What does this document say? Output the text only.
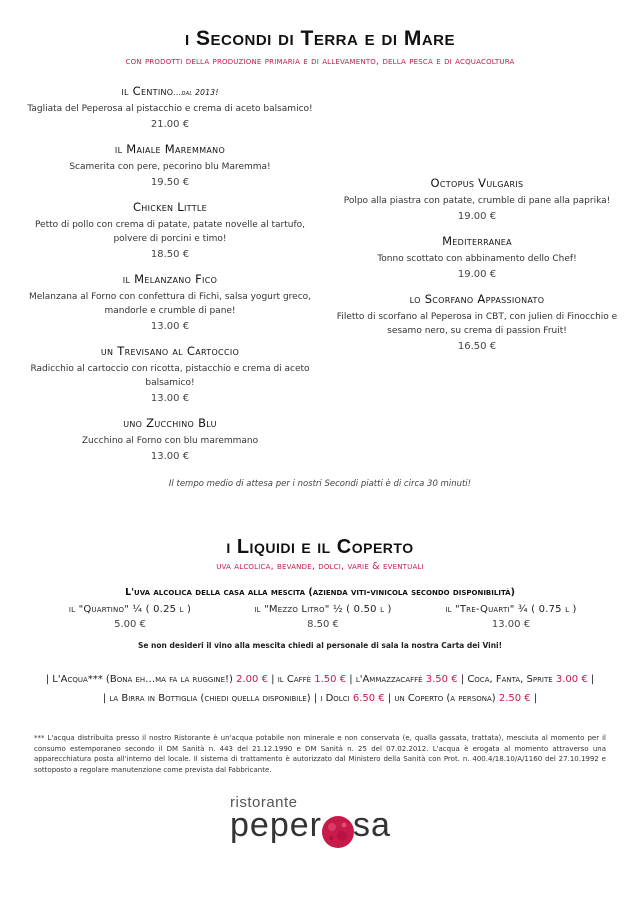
i Secondi di Terra e di Mare
con prodotti della produzione primaria e di allevamento, della pesca e di acquacoltura
il Centino...dal 2013!
Tagliata del Peperosa al pistacchio e crema di aceto balsamico!
21.00 €
il Maiale Maremmano
Scamerita con pere, pecorino blu Maremma!
19.50 €
Chicken Little
Petto di pollo con crema di patate, patate novelle al tartufo, polvere di porcini e timo!
18.50 €
il Melanzano Fico
Melanzana al Forno con confettura di Fichi, salsa yogurt greco, mandorle e crumble di pane!
13.00 €
un Trevisano al Cartoccio
Radicchio al cartoccio con ricotta, pistacchio e crema di aceto balsamico!
13.00 €
uno Zucchino Blu
Zucchino al Forno con blu maremmano
13.00 €
Octopus Vulgaris
Polpo alla piastra con patate, crumble di pane alla paprika!
19.00 €
Mediterranea
Tonno scottato con abbinamento dello Chef!
19.00 €
lo Scorfano Appassionato
Filetto di scorfano al Peperosa in CBT, con julien di Finocchio e sesamo nero, su crema di passion Fruit!
16.50 €
Il tempo medio di attesa per i nostri Secondi piatti è di circa 30 minuti!
i Liquidi e il Coperto
uva alcolica, bevande, dolci, varie & eventuali
L'uva alcolica della casa alla mescita (azienda viti-vinicola secondo disponibilità)
il "Quartino" ¼ ( 0.25 l )
5.00 €
il "Mezzo Litro" ½ ( 0.50 l )
8.50 €
il "Tre-Quarti" ¾ ( 0.75 l )
13.00 €
Se non desideri il vino alla mescita chiedi al personale di sala la nostra Carta dei Vini!
| L'Acqua*** (Bona eh…ma fa la ruggine!) 2.00 € | il Caffè 1.50 € | l'Ammazzacaffè 3.50 € | Coca, Fanta, Sprite 3.00 € |
| la Birra in Bottiglia (chiedi quella disponibile) | i Dolci 6.50 € | un Coperto (a persona) 2.50 € |
*** L'acqua distribuita presso il nostro Ristorante è un'acqua potabile non minerale e non conservata (e, qualla gassata, trattata), mesciuta al momento per il consumo estemporaneo secondo il DM Sanità n. 443 del 21.12.1990 e DM Sanità n. 25 del 07.02.2012. L'acqua è erogata al momento attraverso una apparecchiatura posta all'interno del locale. Il sistema di trattamento è autorizzato dal Ministero della Sanità con Prot. n. 400.4/18.10/A/1160 del 27.10.1992 e sottoposto a regolare manutenzione come prevista dal Fabbricante.
ristorante
peper sa
